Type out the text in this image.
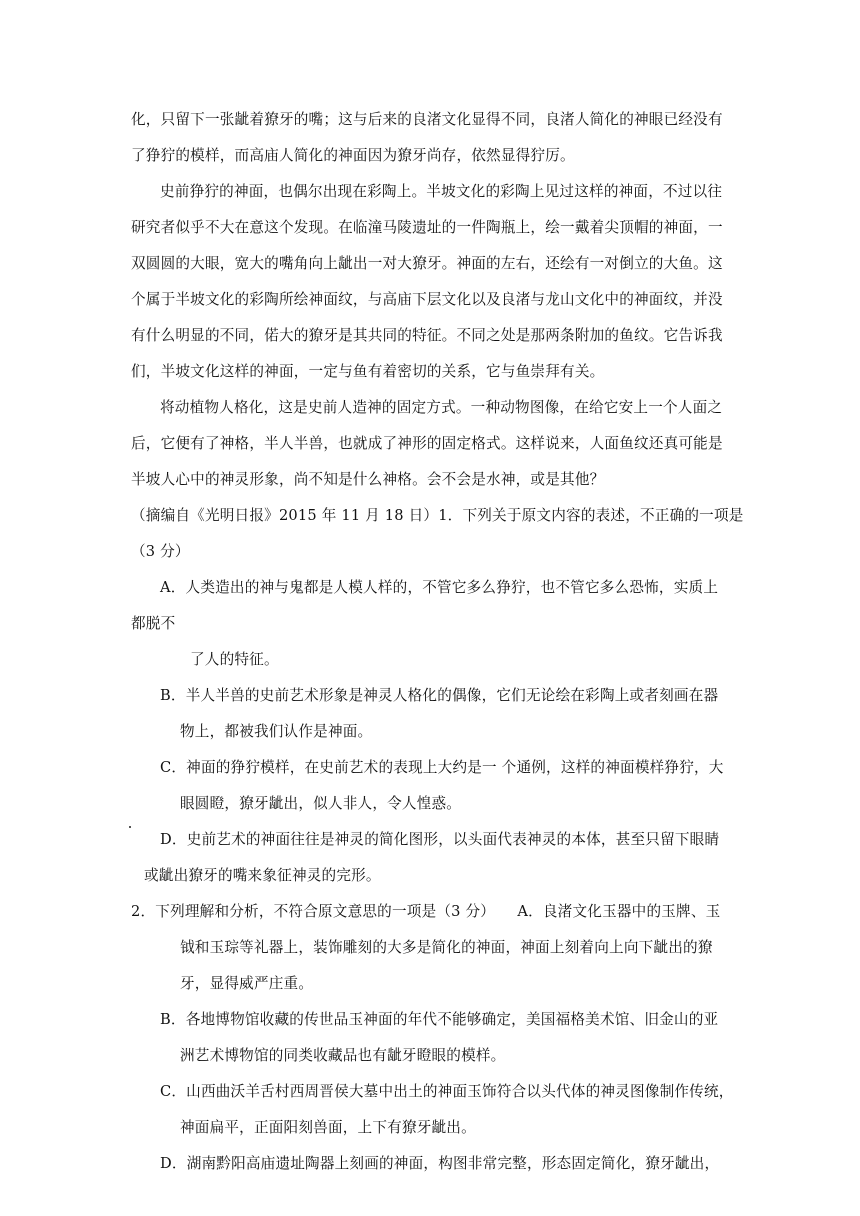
化，只留下一张龇着獠牙的嘴；这与后来的良渚文化显得不同，良渚人简化的神眼已经没有
了狰狞的模样，而高庙人简化的神面因为獠牙尚存，依然显得狞厉。
史前狰狞的神面，也偶尔出现在彩陶上。半坡文化的彩陶上见过这样的神面，不过以往
研究者似乎不大在意这个发现。在临潼马陵遗址的一件陶瓶上，绘一戴着尖顶帽的神面，一
双圆圆的大眼，宽大的嘴角向上龇出一对大獠牙。神面的左右，还绘有一对倒立的大鱼。这
个属于半坡文化的彩陶所绘神面纹，与高庙下层文化以及良渚与龙山文化中的神面纹，并没
有什么明显的不同，偌大的獠牙是其共同的特征。不同之处是那两条附加的鱼纹。它告诉我
们，半坡文化这样的神面，一定与鱼有着密切的关系，它与鱼崇拜有关。
将动植物人格化，这是史前人造神的固定方式。一种动物图像，在给它安上一个人面之
后，它便有了神格，半人半兽，也就成了神形的固定格式。这样说来，人面鱼纹还真可能是
半坡人心中的神灵形象，尚不知是什么神格。会不会是水神，或是其他？
（摘编自《光明日报》2015 年 11 月 18 日）1．下列关于原文内容的表述，不正确的一项是
（3 分）
A．人类造出的神与鬼都是人模人样的，不管它多么狰狞，也不管它多么恐怖，实质上
都脱不
了人的特征。
B．半人半兽的史前艺术形象是神灵人格化的偶像，它们无论绘在彩陶上或者刻画在器
物上，都被我们认作是神面。
C．神面的狰狞模样，在史前艺术的表现上大约是一 个通例，这样的神面模样狰狞，大
眼圆瞪，獠牙龇出，似人非人，令人惶惑。
D．史前艺术的神面往往是神灵的简化图形，以头面代表神灵的本体，甚至只留下眼睛
或龇出獠牙的嘴来象征神灵的完形。
2．下列理解和分析，不符合原文意思的一项是（3 分）　　A．良渚文化玉器中的玉牌、玉
钺和玉琮等礼器上，装饰雕刻的大多是简化的神面，神面上刻着向上向下龇出的獠
牙，显得威严庄重。
B．各地博物馆收藏的传世品玉神面的年代不能够确定，美国福格美术馆、旧金山的亚
洲艺术博物馆的同类收藏品也有龇牙瞪眼的模样。
C．山西曲沃羊舌村西周晋侯大墓中出土的神面玉饰符合以头代体的神灵图像制作传统，
神面扁平，正面阳刻兽面，上下有獠牙龇出。
D．湖南黔阳高庙遗址陶器上刻画的神面，构图非常完整，形态固定简化，獠牙龇出，
